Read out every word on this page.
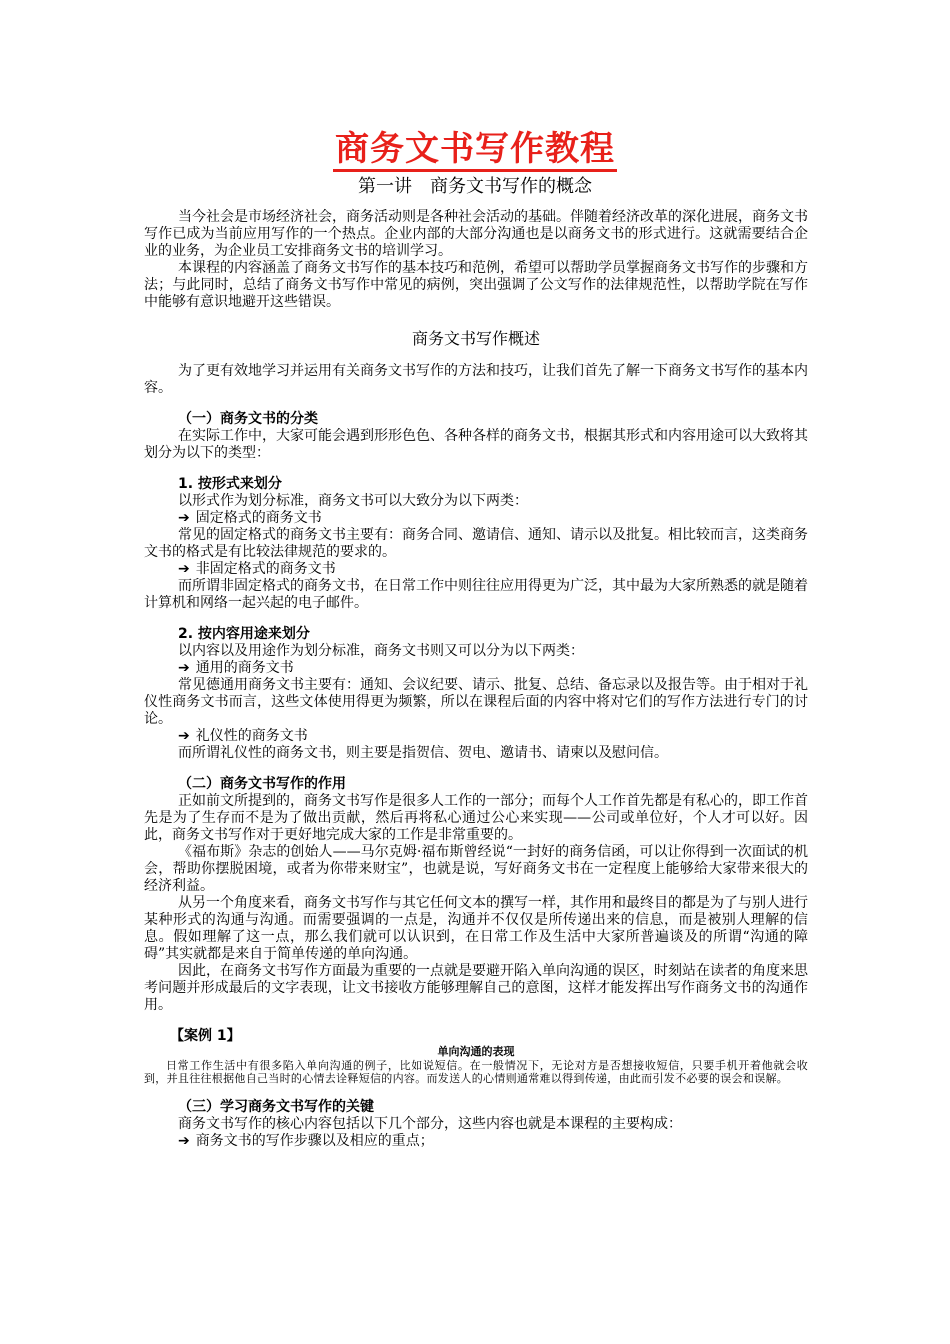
商务文书写作教程
第一讲　商务文书写作的概念

当今社会是市场经济社会，商务活动则是各种社会活动的基础。伴随着经济改革的深化进展，商务文书写作已成为当前应用写作的一个热点。企业内部的大部分沟通也是以商务文书的形式进行。这就需要结合企业的业务，为企业员工安排商务文书的培训学习。

本课程的内容涵盖了商务文书写作的基本技巧和范例，希望可以帮助学员掌握商务文书写作的步骤和方法；与此同时，总结了商务文书写作中常见的病例，突出强调了公文写作的法律规范性，以帮助学院在写作中能够有意识地避开这些错误。

商务文书写作概述

为了更有效地学习并运用有关商务文书写作的方法和技巧，让我们首先了解一下商务文书写作的基本内容。

（一）商务文书的分类

在实际工作中，大家可能会遇到形形色色、各种各样的商务文书，根据其形式和内容用途可以大致将其划分为以下的类型：

1. 按形式来划分

以形式作为划分标准，商务文书可以大致分为以下两类：

➔ 固定格式的商务文书

常见的固定格式的商务文书主要有：商务合同、邀请信、通知、请示以及批复。相比较而言，这类商务文书的格式是有比较法律规范的要求的。

➔ 非固定格式的商务文书

而所谓非固定格式的商务文书，在日常工作中则往往应用得更为广泛，其中最为大家所熟悉的就是随着计算机和网络一起兴起的电子邮件。

2. 按内容用途来划分

以内容以及用途作为划分标准，商务文书则又可以分为以下两类：

➔ 通用的商务文书

常见德通用商务文书主要有：通知、会议纪要、请示、批复、总结、备忘录以及报告等。由于相对于礼仪性商务文书而言，这些文体使用得更为频繁，所以在课程后面的内容中将对它们的写作方法进行专门的讨论。

➔ 礼仪性的商务文书

而所谓礼仪性的商务文书，则主要是指贺信、贺电、邀请书、请柬以及慰问信。

（二）商务文书写作的作用

正如前文所提到的，商务文书写作是很多人工作的一部分；而每个人工作首先都是有私心的，即工作首先是为了生存而不是为了做出贡献，然后再将私心通过公心来实现——公司或单位好，个人才可以好。因此，商务文书写作对于更好地完成大家的工作是非常重要的。

《福布斯》杂志的创始人——马尔克姆·福布斯曾经说“一封好的商务信函，可以让你得到一次面试的机会，帮助你摆脱困境，或者为你带来财宝”，也就是说，写好商务文书在一定程度上能够给大家带来很大的经济利益。

从另一个角度来看，商务文书写作与其它任何文本的撰写一样，其作用和最终目的都是为了与别人进行某种形式的沟通与沟通。而需要强调的一点是，沟通并不仅仅是所传递出来的信息，而是被别人理解的信息。假如理解了这一点，那么我们就可以认识到，在日常工作及生活中大家所普遍谈及的所谓“沟通的障碍”其实就都是来自于简单传递的单向沟通。

因此，在商务文书写作方面最为重要的一点就是要避开陷入单向沟通的误区，时刻站在读者的角度来思考问题并形成最后的文字表现，让文书接收方能够理解自己的意图，这样才能发挥出写作商务文书的沟通作用。

【案例 1】

单向沟通的表现

日常工作生活中有很多陷入单向沟通的例子，比如说短信。在一般情况下，无论对方是否想接收短信，只要手机开着他就会收到，并且往往根据他自己当时的心情去诠释短信的内容。而发送人的心情则通常难以得到传递，由此而引发不必要的误会和误解。

（三）学习商务文书写作的关键

商务文书写作的核心内容包括以下几个部分，这些内容也就是本课程的主要构成：

➔ 商务文书的写作步骤以及相应的重点；
